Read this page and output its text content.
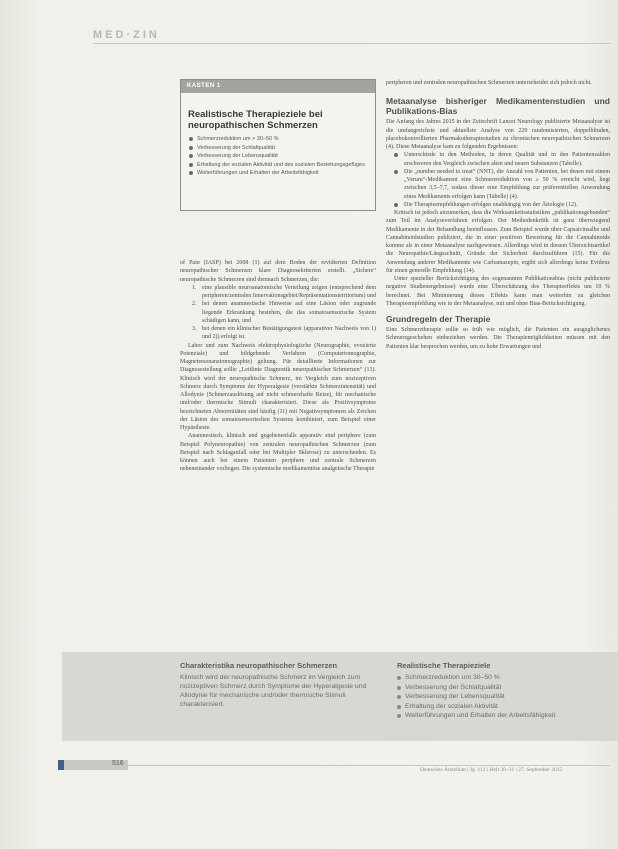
MED·ZIN
KASTEN 1
Realistische Therapieziele bei neuropathischen Schmerzen
Schmerzreduktion um > 30–50 %
Verbesserung der Schlafqualität
Verbesserung der Lebensqualität
Erhaltung der sozialen Aktivität und des sozialen Beziehungsgefüges
Weiterführungen und Erhalten der Arbeitsfähigkeit

of Pain (IASP) bei 2008 (1) auf dem Boden der revidierten Definition neuropathischer Schmerzen klare Diagnosekriterien erstellt. „Sichere“ neuropathische Schmerzen sind demnach Schmerzen, die:

1. eine plausible neuroanatomische Verteilung zeigen (entsprechend dem peripheren/zentralen Innervationsgebiet/Repräsentationsterritorium) und
2. bei denen anamnestische Hinweise auf eine Läsion oder zugrunde liegende Erkrankung bestehen, die das somatosensorische System schädigen kann, und
3. bei denen ein klinischer Bestätigungstest (apparativer Nachweis von 1) und 2)) erfolgt ist.

Labor und zum Nachweis elektrophysiologische (Neurographie, evozierte Potenziale) und bildgebende Verfahren (Computertomographie, Magnetresonanztomographie) geltung. Für detaillierte Informationen zur Diagnosestellung sollte „Leitlinie Diagnostik neuropathischer Schmerzen“ (13). Klinisch wird der neuropathische Schmerz, im Vergleich zum nozizeptiven Schmerz durch Symptome der Hyperalgesie (verstärkte Schmerzintensität) und Allodynie (Schmerzauslösung auf nicht schmerzhafte Reize), für mechanische und/oder thermische Stimuli charakterisiert. Diese als Positivsymptome bezeichneten Abnormitäten sind häufig (11) mit Negativsymptomen als Zeichen der Läsion des somatosensorischen Systems kombiniert, zum Beispiel einer Hypästhesie.

Anamnestisch, klinisch und gegebenenfalls apparativ sind periphere (zum Beispiel Polyneuropathie) von zentralen neuropathischen Schmerzen (zum Beispiel nach Schlaganfall oder bei Multipler Sklerose) zu unterscheiden. Es können auch bei einem Patienten periphere und zentrale Schmerzen nebeneinander vorliegen. Die systemische medikamentöse analgetische Therapie

peripheren und zentralen neuropathischen Schmerzen unterscheidet sich jedoch nicht.

Metaanalyse bisheriger Medikamentenstudien und Publikations-Bias

Die Anfang des Jahres 2015 in der Zeitschrift Lancet Neurology publizierte Metaanalyse ist die umfangreichste und aktuellste Analyse von 229 randomisierten, doppelblinden, placebokontrollierten Pharmakotherapiestudien zu chronischen neuropathischen Schmerzen (4). Diese Metaanalyse kam zu folgenden Ergebnissen:

Unterschiede in den Methoden, in deren Qualität und in den Patientenzahlen erschweren den Vergleich zwischen alten und neuen Substanzen (Tabelle).
Die „number needed to treat“ (NNT), die Anzahl von Patienten, bei denen mit einem „Verum“-Medikament eine Schmerzreduktion von ≥ 50 % erreicht wird, liegt zwischen 3,5–7,7, sodass dieser eine Empfehlung zur präferentiellen Anwendung eines Medikaments erfolgen kann (Tabelle) (4).
Die Therapieempfehlungen erfolgen unabhängig von der Ätiologie (12).

Kritisch ist jedoch anzumerken, dass die Wirksamkeitsstatistiken „publikationsgebunden“ zum Teil im Analyseverfahren erfolgen. Der Methodenkritik ist ganz überwiegend Medikamente in der Behandlung beeinflussen. Zum Beispiel wurde über Capsaicinsalbe und Cannabinoidstudien publiziert, die in einer positiven Bewertung für die Cannabinoide komme als in einer Metaanalyse nachgewiesen. Allerdings wird in diesem Übersichtsartikel die Neuropathie/Längsschnitt, Gründe der Sicherheit durchzuführen (15). Für die Anwendung anderer Medikamente wie Carbamazepin, ergibt sich allerdings keine Evidenz für einen generelle Empfehlung (14).

Unter spezieller Berücksichtigung des sogenannten Publikationsbias (nicht publizierte negative Studienergebnisse) wurde eine Überschätzung des Therapieeffekts um 10 % berechnet. Bei Minimierung dieses Effekts kann man weiterhin zu gleichen Therapieempfehlung wie in der Metaanalyse, mit und ohne Bias-Berücksichtigung.

Grundregeln der Therapie

Eine Schmerztherapie sollte so früh wie möglich, die Patienten ein ausgeglichenes Schmerzgeschehen einbeziehen werden. Die Therapiemöglichkeiten müssen mit den Patienten klar besprochen werden, um zu hohe Erwartungen und

Charakteristika neuropathischer Schmerzen
Klinisch wird der neuropathische Schmerz im Vergleich zum nozizeptiven Schmerz durch Symptome der Hyperalgesie und Allodynie für mechanische und/oder thermische Stimuli charakterisiert.
Realistische Therapieziele
Schmerzreduktion um 30–50 %
Verbesserung der Schlafqualität
Verbesserung der Lebensqualität
Erhaltung der sozialen Aktivität
Weiterführungen und Erhalten der Arbeitsfähigkeit
516
Deutsches Ärzteblatt | Jg. 112 | Heft 30–31 | 27. September 2015
